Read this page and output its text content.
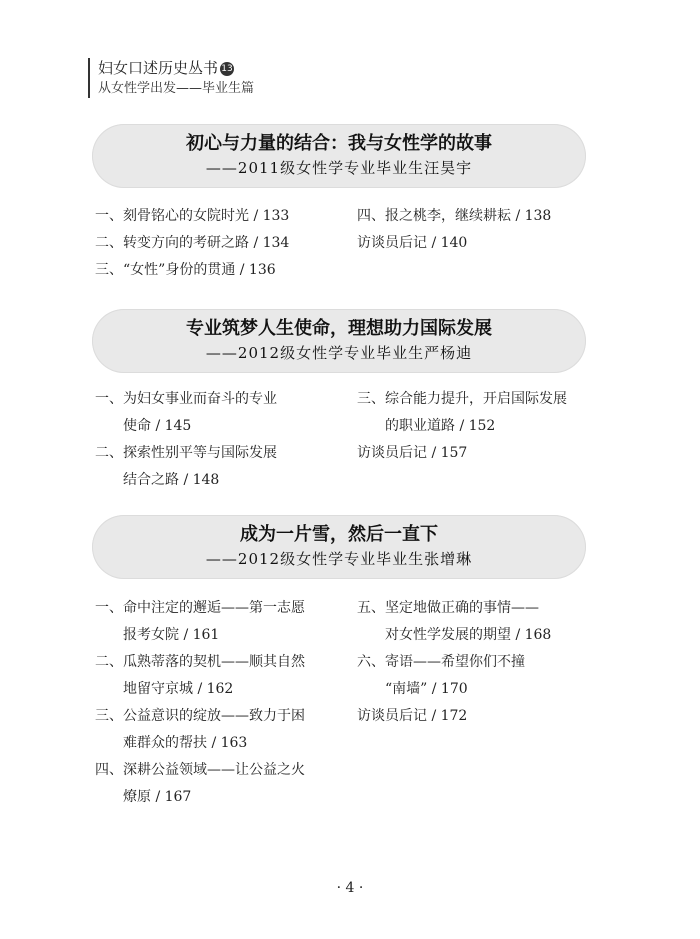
妇女口述历史丛书 13
从女性学出发——毕业生篇
初心与力量的结合：我与女性学的故事
——2011级女性学专业毕业生汪昊宇
一、刻骨铭心的女院时光 / 133
二、转变方向的考研之路 / 134
三、“女性”身份的贯通 / 136
四、报之桃李，继续耕耘 / 138
访谈员后记 / 140
专业筑梦人生使命，理想助力国际发展
——2012级女性学专业毕业生严杨迪
一、为妇女事业而奋斗的专业
使命 / 145
二、探索性别平等与国际发展
结合之路 / 148
三、综合能力提升，开启国际发展
的职业道路 / 152
访谈员后记 / 157
成为一片雪，然后一直下
——2012级女性学专业毕业生张增琳
一、命中注定的邂逅——第一志愿
报考女院 / 161
二、瓜熟蒂落的契机——顺其自然
地留守京城 / 162
三、公益意识的绽放——致力于困
难群众的帮扶 / 163
四、深耕公益领域——让公益之火
燎原 / 167
五、坚定地做正确的事情——
对女性学发展的期望 / 168
六、寄语——希望你们不撞
“南墙” / 170
访谈员后记 / 172
· 4 ·
